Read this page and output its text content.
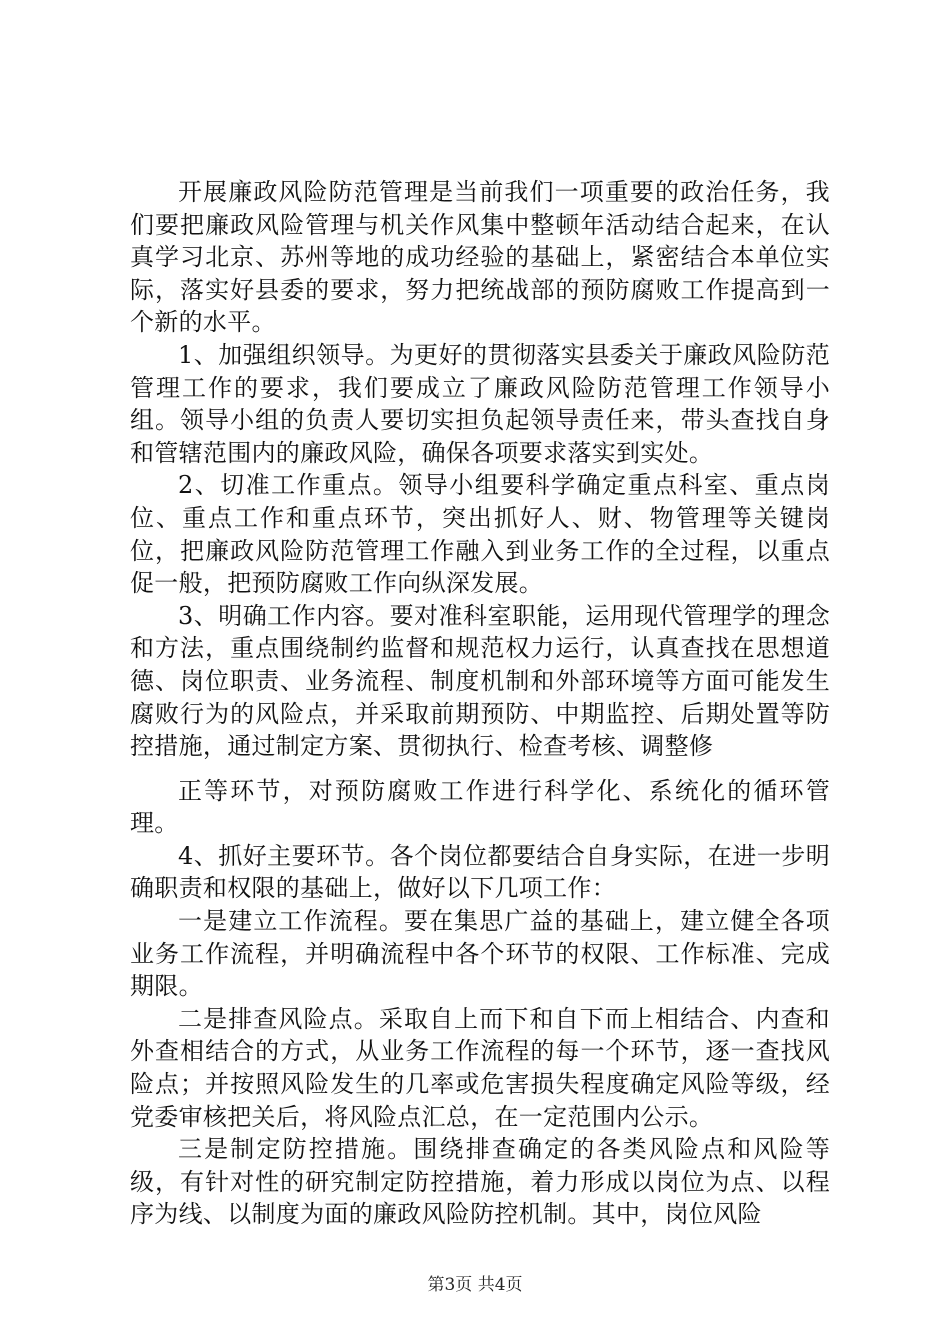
开展廉政风险防范管理是当前我们一项重要的政治任务，我们要把廉政风险管理与机关作风集中整顿年活动结合起来，在认真学习北京、苏州等地的成功经验的基础上，紧密结合本单位实际，落实好县委的要求，努力把统战部的预防腐败工作提高到一个新的水平。

1、加强组织领导。为更好的贯彻落实县委关于廉政风险防范管理工作的要求，我们要成立了廉政风险防范管理工作领导小组。领导小组的负责人要切实担负起领导责任来，带头查找自身和管辖范围内的廉政风险，确保各项要求落实到实处。

2、切准工作重点。领导小组要科学确定重点科室、重点岗位、重点工作和重点环节，突出抓好人、财、物管理等关键岗位，把廉政风险防范管理工作融入到业务工作的全过程，以重点促一般，把预防腐败工作向纵深发展。

3、明确工作内容。要对准科室职能，运用现代管理学的理念和方法，重点围绕制约监督和规范权力运行，认真查找在思想道德、岗位职责、业务流程、制度机制和外部环境等方面可能发生腐败行为的风险点，并采取前期预防、中期监控、后期处置等防控措施，通过制定方案、贯彻执行、检查考核、调整修

正等环节，对预防腐败工作进行科学化、系统化的循环管理。

4、抓好主要环节。各个岗位都要结合自身实际，在进一步明确职责和权限的基础上，做好以下几项工作：

一是建立工作流程。要在集思广益的基础上，建立健全各项业务工作流程，并明确流程中各个环节的权限、工作标准、完成期限。

二是排查风险点。采取自上而下和自下而上相结合、内查和外查相结合的方式，从业务工作流程的每一个环节，逐一查找风险点；并按照风险发生的几率或危害损失程度确定风险等级，经党委审核把关后，将风险点汇总，在一定范围内公示。

三是制定防控措施。围绕排查确定的各类风险点和风险等级，有针对性的研究制定防控措施，着力形成以岗位为点、以程序为线、以制度为面的廉政风险防控机制。其中，岗位风险

第3页 共4页
